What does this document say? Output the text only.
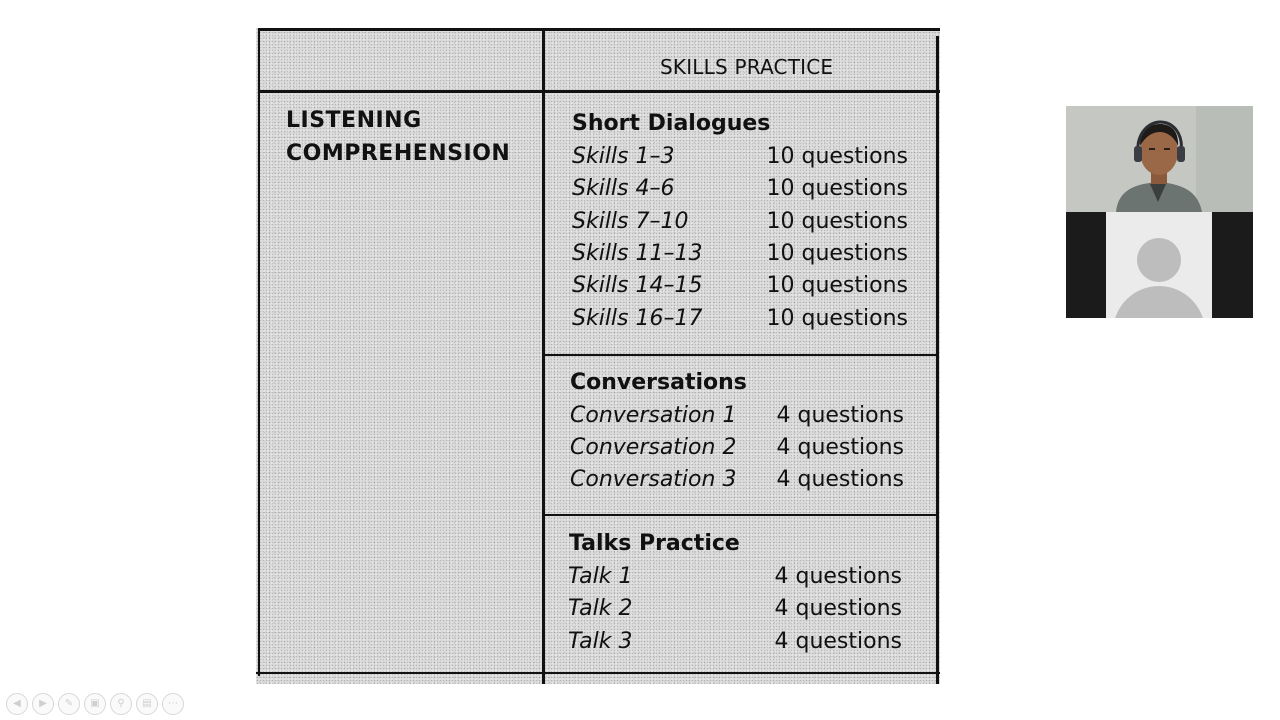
SKILLS PRACTICE
LISTENING
COMPREHENSION
Short Dialogues
Skills 1–3	10 questions
Skills 4–6	10 questions
Skills 7–10	10 questions
Skills 11–13	10 questions
Skills 14–15	10 questions
Skills 16–17	10 questions
Conversations
Conversation 1 4 questions
Conversation 2 4 questions
Conversation 3 4 questions
Talks Practice
Talk 1	4 questions
Talk 2	4 questions
Talk 3	4 questions
◀	▶	✎	▣	⚲	▤	⋯
